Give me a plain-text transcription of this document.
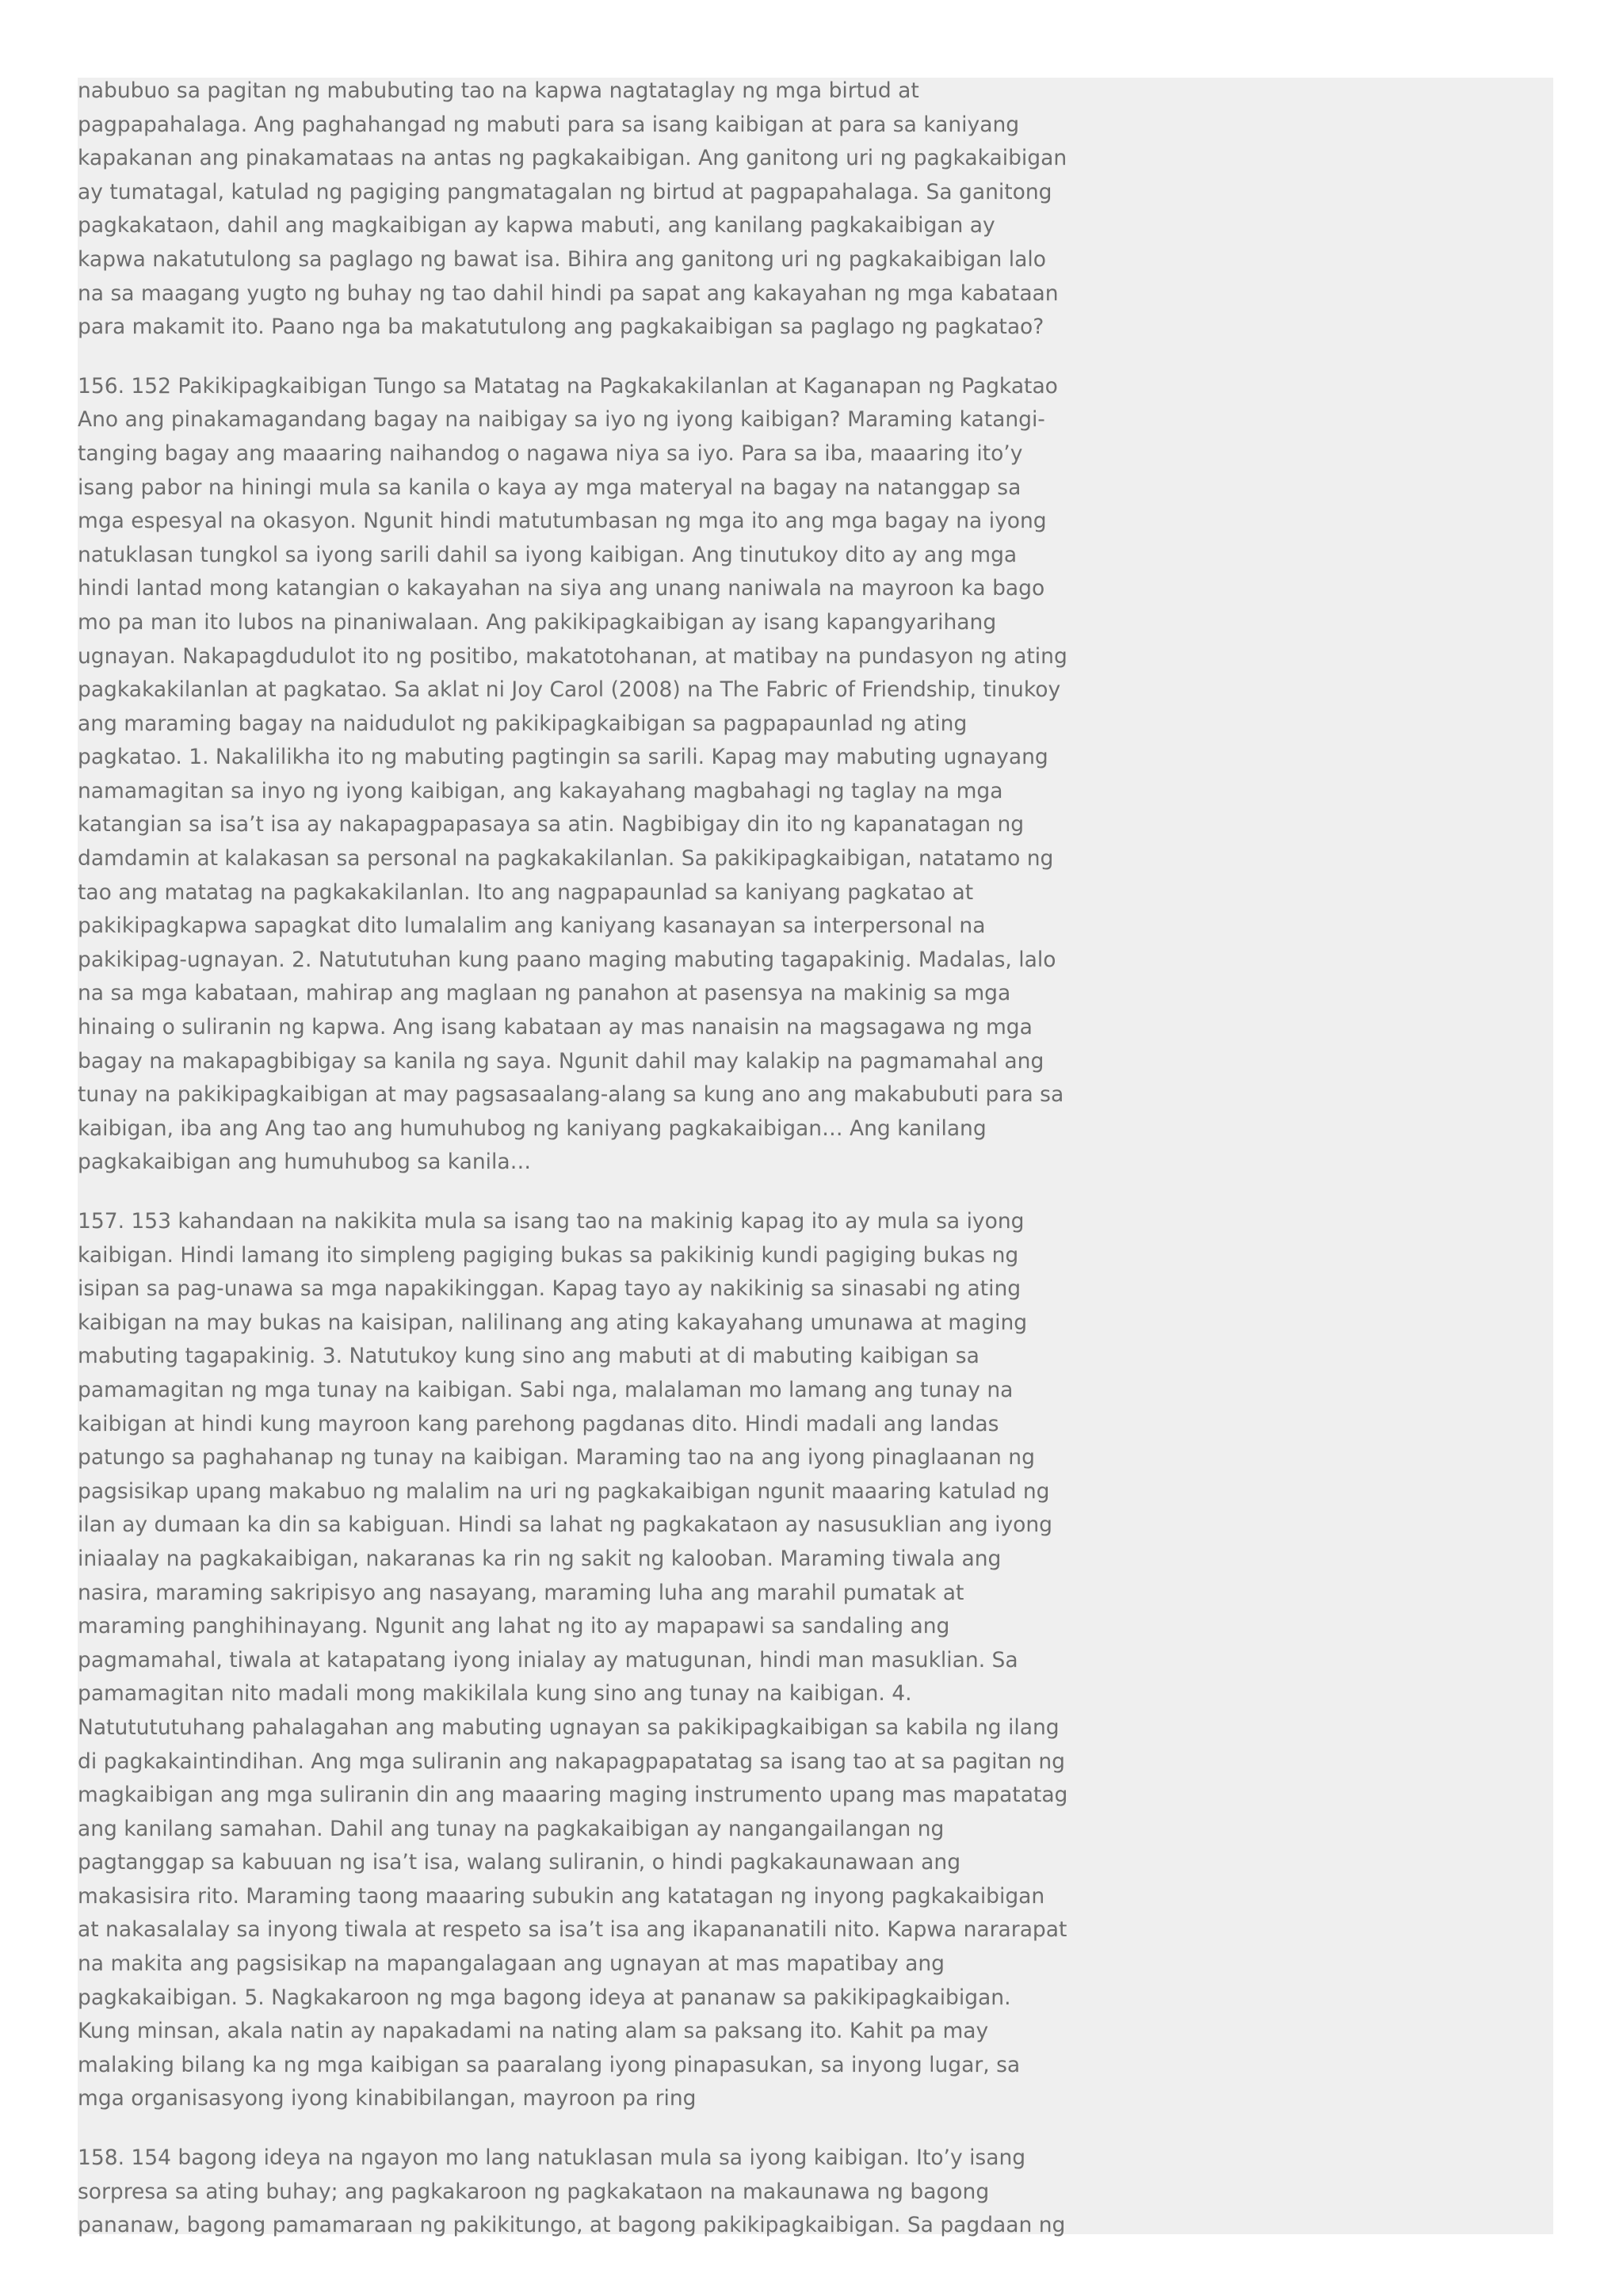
nabubuo sa pagitan ng mabubuting tao na kapwa nagtataglay ng mga birtud at pagpapahalaga. Ang paghahangad ng mabuti para sa isang kaibigan at para sa kaniyang kapakanan ang pinakamataas na antas ng pagkakaibigan. Ang ganitong uri ng pagkakaibigan ay tumatagal, katulad ng pagiging pangmatagalan ng birtud at pagpapahalaga. Sa ganitong pagkakataon, dahil ang magkaibigan ay kapwa mabuti, ang kanilang pagkakaibigan ay kapwa nakatutulong sa paglago ng bawat isa. Bihira ang ganitong uri ng pagkakaibigan lalo na sa maagang yugto ng buhay ng tao dahil hindi pa sapat ang kakayahan ng mga kabataan para makamit ito. Paano nga ba makatutulong ang pagkakaibigan sa paglago ng pagkatao?

156. 152 Pakikipagkaibigan Tungo sa Matatag na Pagkakakilanlan at Kaganapan ng Pagkatao Ano ang pinakamagandang bagay na naibigay sa iyo ng iyong kaibigan? Maraming katangi-tanging bagay ang maaaring naihandog o nagawa niya sa iyo. Para sa iba, maaaring ito’y isang pabor na hiningi mula sa kanila o kaya ay mga materyal na bagay na natanggap sa mga espesyal na okasyon. Ngunit hindi matutumbasan ng mga ito ang mga bagay na iyong natuklasan tungkol sa iyong sarili dahil sa iyong kaibigan. Ang tinutukoy dito ay ang mga hindi lantad mong katangian o kakayahan na siya ang unang naniwala na mayroon ka bago mo pa man ito lubos na pinaniwalaan. Ang pakikipagkaibigan ay isang kapangyarihang ugnayan. Nakapagdudulot ito ng positibo, makatotohanan, at matibay na pundasyon ng ating pagkakakilanlan at pagkatao. Sa aklat ni Joy Carol (2008) na The Fabric of Friendship, tinukoy ang maraming bagay na naidudulot ng pakikipagkaibigan sa pagpapaunlad ng ating pagkatao. 1. Nakalilikha ito ng mabuting pagtingin sa sarili. Kapag may mabuting ugnayang namamagitan sa inyo ng iyong kaibigan, ang kakayahang magbahagi ng taglay na mga katangian sa isa’t isa ay nakapagpapasaya sa atin. Nagbibigay din ito ng kapanatagan ng damdamin at kalakasan sa personal na pagkakakilanlan. Sa pakikipagkaibigan, natatamo ng tao ang matatag na pagkakakilanlan. Ito ang nagpapaunlad sa kaniyang pagkatao at pakikipagkapwa sapagkat dito lumalalim ang kaniyang kasanayan sa interpersonal na pakikipag-ugnayan. 2. Natututuhan kung paano maging mabuting tagapakinig. Madalas, lalo na sa mga kabataan, mahirap ang maglaan ng panahon at pasensya na makinig sa mga hinaing o suliranin ng kapwa. Ang isang kabataan ay mas nanaisin na magsagawa ng mga bagay na makapagbibigay sa kanila ng saya. Ngunit dahil may kalakip na pagmamahal ang tunay na pakikipagkaibigan at may pagsasaalang-alang sa kung ano ang makabubuti para sa kaibigan, iba ang Ang tao ang humuhubog ng kaniyang pagkakaibigan… Ang kanilang pagkakaibigan ang humuhubog sa kanila…

157. 153 kahandaan na nakikita mula sa isang tao na makinig kapag ito ay mula sa iyong kaibigan. Hindi lamang ito simpleng pagiging bukas sa pakikinig kundi pagiging bukas ng isipan sa pag-unawa sa mga napakikinggan. Kapag tayo ay nakikinig sa sinasabi ng ating kaibigan na may bukas na kaisipan, nalilinang ang ating kakayahang umunawa at maging mabuting tagapakinig. 3. Natutukoy kung sino ang mabuti at di mabuting kaibigan sa pamamagitan ng mga tunay na kaibigan. Sabi nga, malalaman mo lamang ang tunay na kaibigan at hindi kung mayroon kang parehong pagdanas dito. Hindi madali ang landas patungo sa paghahanap ng tunay na kaibigan. Maraming tao na ang iyong pinaglaanan ng pagsisikap upang makabuo ng malalim na uri ng pagkakaibigan ngunit maaaring katulad ng ilan ay dumaan ka din sa kabiguan. Hindi sa lahat ng pagkakataon ay nasusuklian ang iyong iniaalay na pagkakaibigan, nakaranas ka rin ng sakit ng kalooban. Maraming tiwala ang nasira, maraming sakripisyo ang nasayang, maraming luha ang marahil pumatak at maraming panghihinayang. Ngunit ang lahat ng ito ay mapapawi sa sandaling ang pagmamahal, tiwala at katapatang iyong inialay ay matugunan, hindi man masuklian. Sa pamamagitan nito madali mong makikilala kung sino ang tunay na kaibigan. 4. Natutututuhang pahalagahan ang mabuting ugnayan sa pakikipagkaibigan sa kabila ng ilang di pagkakaintindihan. Ang mga suliranin ang nakapagpapatatag sa isang tao at sa pagitan ng magkaibigan ang mga suliranin din ang maaaring maging instrumento upang mas mapatatag ang kanilang samahan. Dahil ang tunay na pagkakaibigan ay nangangailangan ng pagtanggap sa kabuuan ng isa’t isa, walang suliranin, o hindi pagkakaunawaan ang makasisira rito. Maraming taong maaaring subukin ang katatagan ng inyong pagkakaibigan at nakasalalay sa inyong tiwala at respeto sa isa’t isa ang ikapananatili nito. Kapwa nararapat na makita ang pagsisikap na mapangalagaan ang ugnayan at mas mapatibay ang pagkakaibigan. 5. Nagkakaroon ng mga bagong ideya at pananaw sa pakikipagkaibigan. Kung minsan, akala natin ay napakadami na nating alam sa paksang ito. Kahit pa may malaking bilang ka ng mga kaibigan sa paaralang iyong pinapasukan, sa inyong lugar, sa mga organisasyong iyong kinabibilangan, mayroon pa ring

158. 154 bagong ideya na ngayon mo lang natuklasan mula sa iyong kaibigan. Ito’y isang sorpresa sa ating buhay; ang pagkakaroon ng pagkakataon na makaunawa ng bagong pananaw, bagong pamamaraan ng pakikitungo, at bagong pakikipagkaibigan. Sa pagdaan ng
